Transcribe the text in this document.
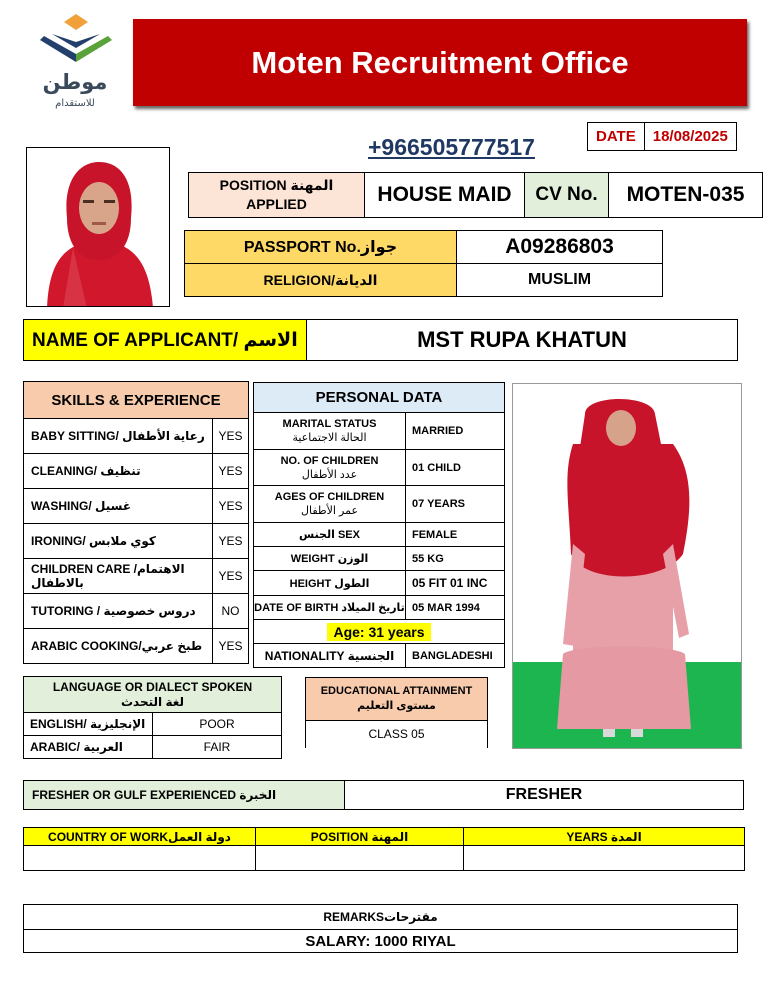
موطن
للاستقدام
Moten Recruitment Office
+966505777517	DATE	18/08/2025
POSITION المهنة
APPLIED	HOUSE MAID	CV No.	MOTEN-035
PASSPORT No.جواز	A09286803
RELIGION/الديانة	MUSLIM
NAME OF APPLICANT/ الاسم	MST RUPA KHATUN
SKILLS & EXPERIENCE	
BABY SITTING/ رعاية الأطفال	YES
CLEANING/ تنظيف	YES
WASHING/ غسيل	YES
IRONING/ كوي ملابس	YES
CHILDREN CARE /الاهتمام بالاطفال	YES
TUTORING / دروس خصوصية	NO
ARABIC COOKING/طبخ عربي	YES
PERSONAL DATA	

MARITAL STATUS
الحالة الاجتماعية	MARRIED

NO. OF CHILDREN
عدد الأطفال	01 CHILD

AGES OF CHILDREN
عمر الأطفال	07 YEARS
الجنس SEX	FEMALE
WEIGHT الوزن	55 KG
HEIGHT الطول	05 FIT 01 INC
DATE OF BIRTH تاريخ الميلاد	05 MAR 1994
Age: 31 years	
NATIONALITY الجنسية	BANGLADESHI
LANGUAGE OR DIALECT SPOKEN
لغة التحدث	

ENGLISH/ الإنجليزية	POOR
ARABIC/ العربية	FAIR
EDUCATIONAL ATTAINMENT
مستوى التعليم

CLASS 05
FRESHER OR GULF EXPERIENCED الخبرة	FRESHER
COUNTRY OF WORKدولة العمل	POSITION المهنة	YEARS المدة

REMARKSمقترحات
SALARY: 1000 RIYAL
